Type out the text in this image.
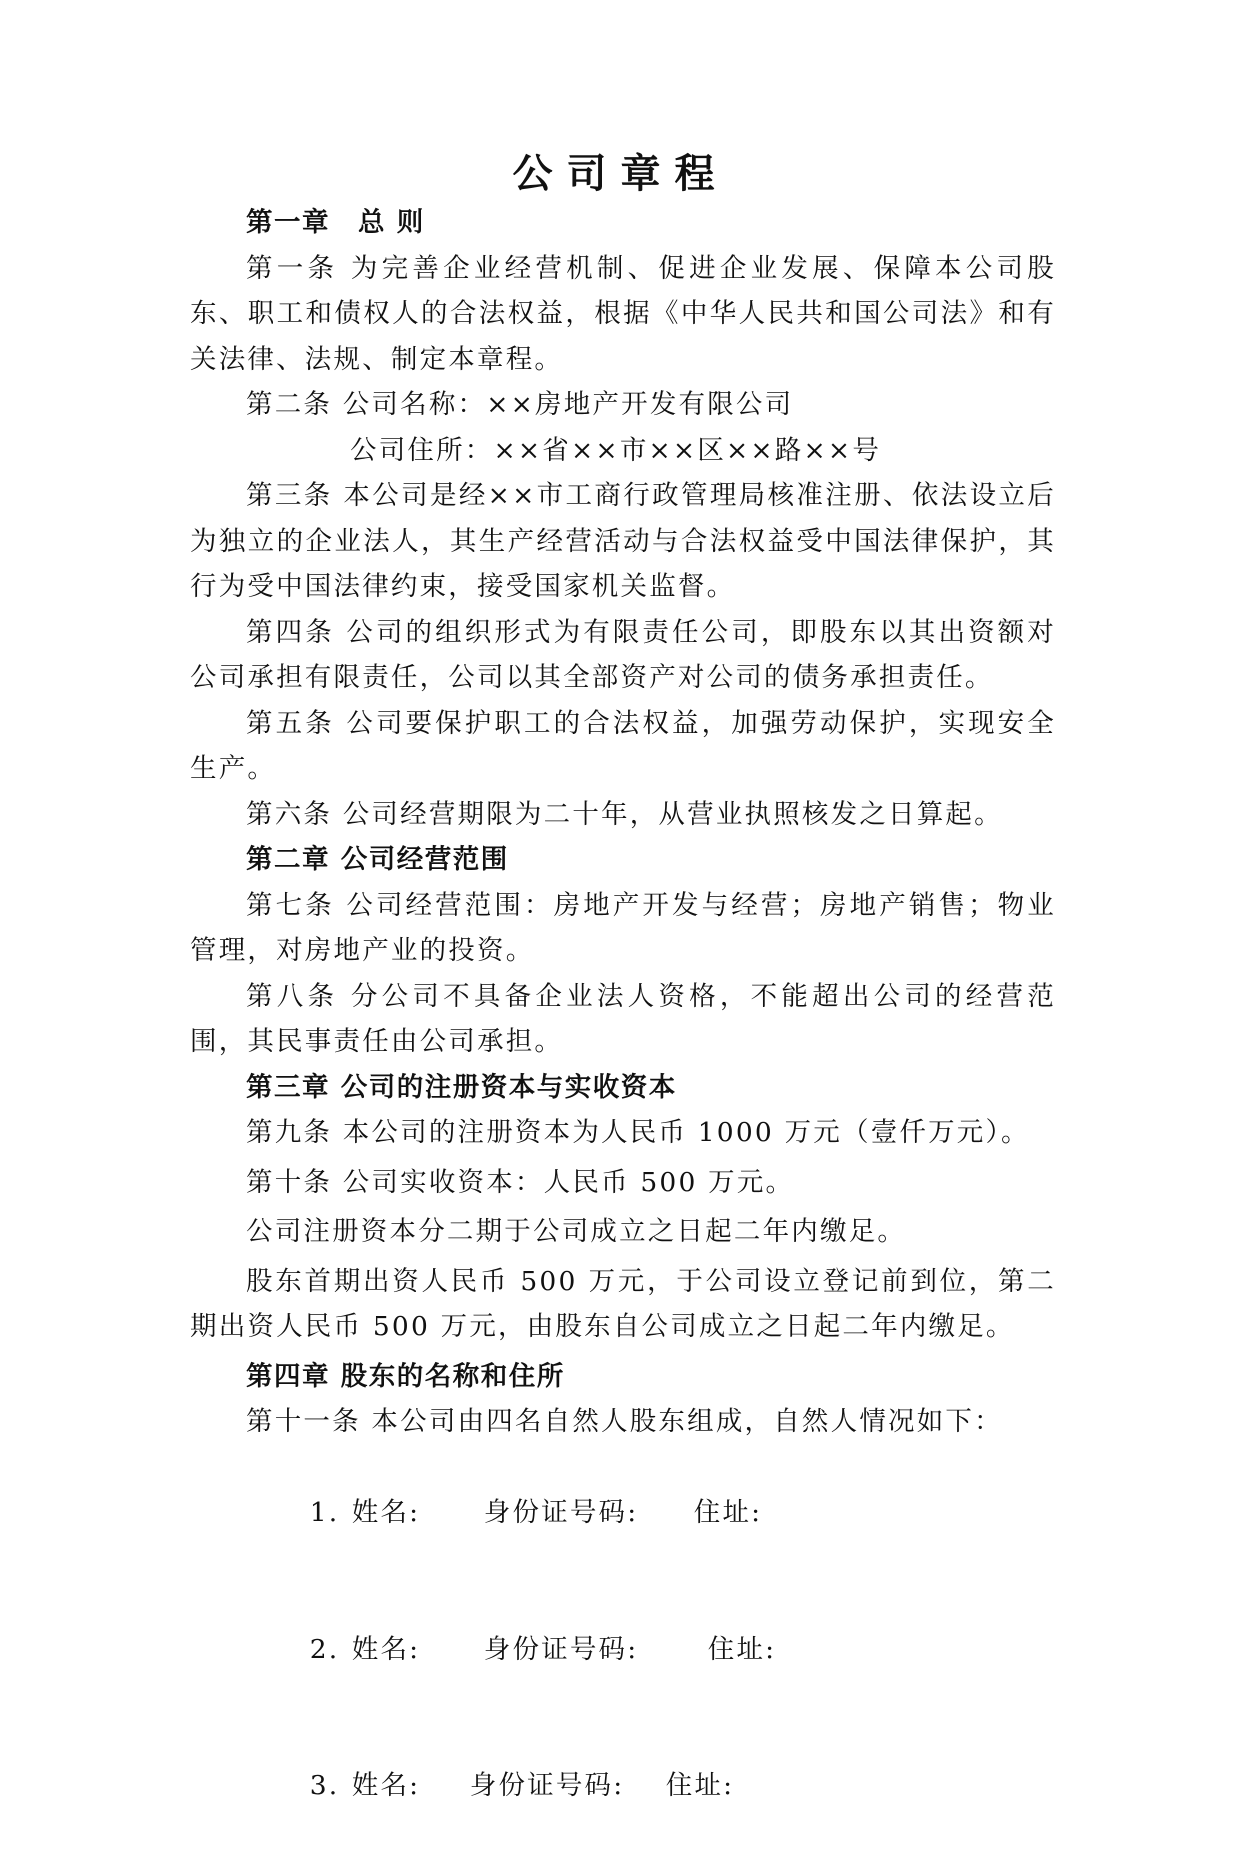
公司章程

第一章　总 则

第一条 为完善企业经营机制、促进企业发展、保障本公司股东、职工和债权人的合法权益，根据《中华人民共和国公司法》和有关法律、法规、制定本章程。

第二条 公司名称：××房地产开发有限公司

公司住所：××省××市××区××路××号

第三条 本公司是经××市工商行政管理局核准注册、依法设立后为独立的企业法人，其生产经营活动与合法权益受中国法律保护，其行为受中国法律约束，接受国家机关监督。

第四条 公司的组织形式为有限责任公司，即股东以其出资额对公司承担有限责任，公司以其全部资产对公司的债务承担责任。

第五条 公司要保护职工的合法权益，加强劳动保护，实现安全生产。

第六条 公司经营期限为二十年，从营业执照核发之日算起。

第二章 公司经营范围

第七条 公司经营范围：房地产开发与经营；房地产销售；物业管理，对房地产业的投资。

第八条 分公司不具备企业法人资格，不能超出公司的经营范围，其民事责任由公司承担。

第三章 公司的注册资本与实收资本

第九条 本公司的注册资本为人民币 1000 万元（壹仟万元）。

第十条 公司实收资本：人民币 500 万元。

公司注册资本分二期于公司成立之日起二年内缴足。

股东首期出资人民币 500 万元，于公司设立登记前到位，第二期出资人民币 500 万元，由股东自公司成立之日起二年内缴足。

第四章 股东的名称和住所

第十一条 本公司由四名自然人股东组成，自然人情况如下：

1. 姓名: 身份证号码: 住址:

2. 姓名: 身份证号码:	住址:

3. 姓名: 身份证号码: 住址:
